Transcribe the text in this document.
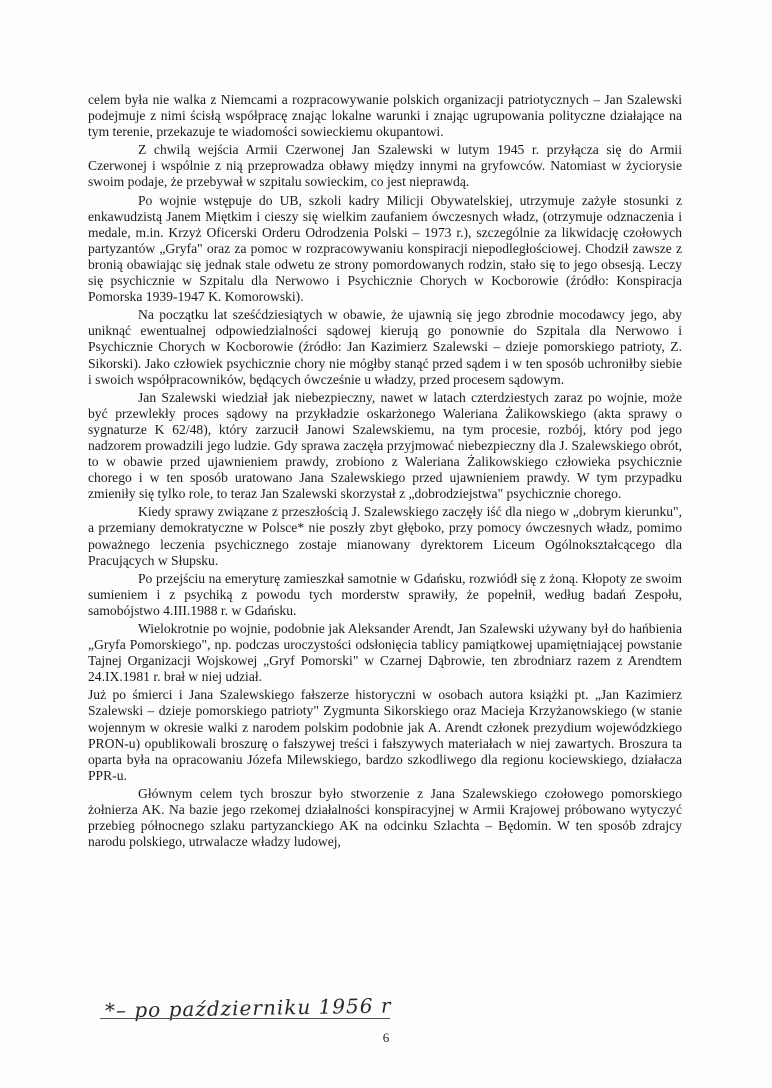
celem była nie walka z Niemcami a rozpracowywanie polskich organizacji patriotycznych – Jan Szalewski podejmuje z nimi ścisłą współpracę znając lokalne warunki i znając ugrupowania polityczne działające na tym terenie, przekazuje te wiadomości sowieckiemu okupantowi.

Z chwilą wejścia Armii Czerwonej Jan Szalewski w lutym 1945 r. przyłącza się do Armii Czerwonej i wspólnie z nią przeprowadza obławy między innymi na gryfowców. Natomiast w życiorysie swoim podaje, że przebywał w szpitalu sowieckim, co jest nieprawdą.

Po wojnie wstępuje do UB, szkoli kadry Milicji Obywatelskiej, utrzymuje zażyłe stosunki z enkawudzistą Janem Miętkim i cieszy się wielkim zaufaniem ówczesnych władz, (otrzymuje odznaczenia i medale, m.in. Krzyż Oficerski Orderu Odrodzenia Polski – 1973 r.), szczególnie za likwidację czołowych partyzantów „Gryfa" oraz za pomoc w rozpracowywaniu konspiracji niepodległościowej. Chodził zawsze z bronią obawiając się jednak stale odwetu ze strony pomordowanych rodzin, stało się to jego obsesją. Leczy się psychicznie w Szpitalu dla Nerwowo i Psychicznie Chorych w Kocborowie (źródło: Konspiracja Pomorska 1939-1947 K. Komorowski).

Na początku lat sześćdziesiątych w obawie, że ujawnią się jego zbrodnie mocodawcy jego, aby uniknąć ewentualnej odpowiedzialności sądowej kierują go ponownie do Szpitala dla Nerwowo i Psychicznie Chorych w Kocborowie (źródło: Jan Kazimierz Szalewski – dzieje pomorskiego patrioty, Z. Sikorski). Jako człowiek psychicznie chory nie mógłby stanąć przed sądem i w ten sposób uchroniłby siebie i swoich współpracowników, będących ówcześnie u władzy, przed procesem sądowym.

Jan Szalewski wiedział jak niebezpieczny, nawet w latach czterdziestych zaraz po wojnie, może być przewlekły proces sądowy na przykładzie oskarżonego Waleriana Żalikowskiego (akta sprawy o sygnaturze K 62/48), który zarzucił Janowi Szalewskiemu, na tym procesie, rozbój, który pod jego nadzorem prowadzili jego ludzie. Gdy sprawa zaczęła przyjmować niebezpieczny dla J. Szalewskiego obrót, to w obawie przed ujawnieniem prawdy, zrobiono z Waleriana Żalikowskiego człowieka psychicznie chorego i w ten sposób uratowano Jana Szalewskiego przed ujawnieniem prawdy. W tym przypadku zmieniły się tylko role, to teraz Jan Szalewski skorzystał z „dobrodziejstwa" psychicznie chorego.

Kiedy sprawy związane z przeszłością J. Szalewskiego zaczęły iść dla niego w „dobrym kierunku", a przemiany demokratyczne w Polsce* nie poszły zbyt głęboko, przy pomocy ówczesnych władz, pomimo poważnego leczenia psychicznego zostaje mianowany dyrektorem Liceum Ogólnokształcącego dla Pracujących w Słupsku.

Po przejściu na emeryturę zamieszkał samotnie w Gdańsku, rozwiódł się z żoną. Kłopoty ze swoim sumieniem i z psychiką z powodu tych morderstw sprawiły, że popełnił, według badań Zespołu, samobójstwo 4.III.1988 r. w Gdańsku.

Wielokrotnie po wojnie, podobnie jak Aleksander Arendt, Jan Szalewski używany był do hańbienia „Gryfa Pomorskiego", np. podczas uroczystości odsłonięcia tablicy pamiątkowej upamiętniającej powstanie Tajnej Organizacji Wojskowej „Gryf Pomorski" w Czarnej Dąbrowie, ten zbrodniarz razem z Arendtem 24.IX.1981 r. brał w niej udział.

Już po śmierci i Jana Szalewskiego fałszerze historyczni w osobach autora książki pt. „Jan Kazimierz Szalewski – dzieje pomorskiego patrioty" Zygmunta Sikorskiego oraz Macieja Krzyżanowskiego (w stanie wojennym w okresie walki z narodem polskim podobnie jak A. Arendt członek prezydium wojewódzkiego PRON-u) opublikowali broszurę o fałszywej treści i fałszywych materiałach w niej zawartych. Broszura ta oparta była na opracowaniu Józefa Milewskiego, bardzo szkodliwego dla regionu kociewskiego, działacza PPR-u.

Głównym celem tych broszur było stworzenie z Jana Szalewskiego czołowego pomorskiego żołnierza AK. Na bazie jego rzekomej działalności konspiracyjnej w Armii Krajowej próbowano wytyczyć przebieg północnego szlaku partyzanckiego AK na odcinku Szlachta – Będomin. W ten sposób zdrajcy narodu polskiego, utrwalacze władzy ludowej,

*– po październiku 1956 r
6
